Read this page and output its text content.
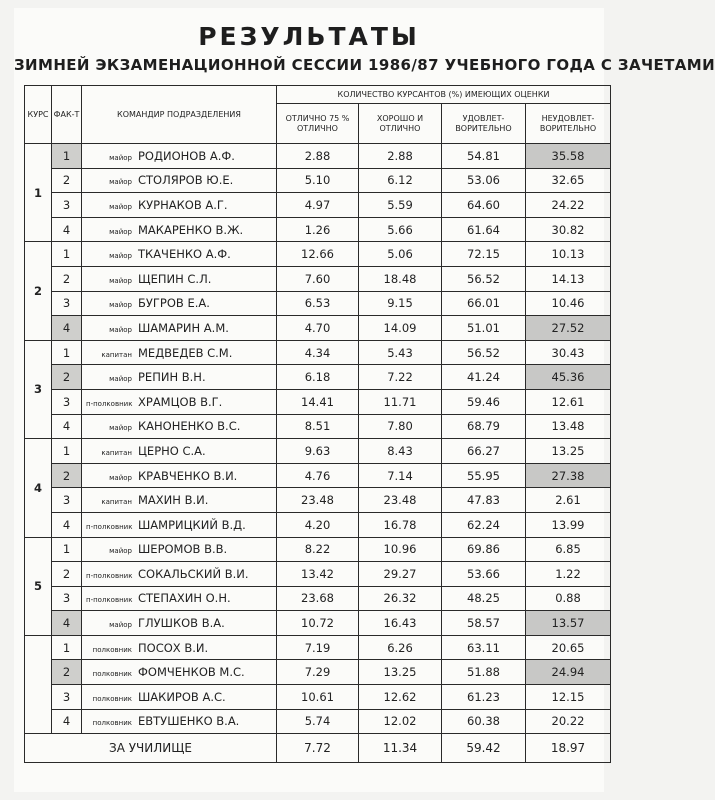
РЕЗУЛЬТАТЫ
ЗИМНЕЙ ЭКЗАМЕНАЦИОННОЙ СЕССИИ 1986/87 УЧЕБНОГО ГОДА С ЗАЧЕТАМИ
КУРС	ФАК-Т	КОМАНДИР ПОДРАЗДЕЛЕНИЯ	КОЛИЧЕСТВО КУРСАНТОВ (%) ИМЕЮЩИХ ОЦЕНКИ			
			ОТЛИЧНО 75 % ОТЛИЧНО	ХОРОШО И ОТЛИЧНО	УДОВЛЕТ- ВОРИТЕЛЬНО	НЕУДОВЛЕТ- ВОРИТЕЛЬНО
1	1	майор РОДИОНОВ А.Ф.	2.88	2.88	54.81	35.58
	2	майор СТОЛЯРОВ Ю.Е.	5.10	6.12	53.06	32.65
	3	майор КУРНАКОВ А.Г.	4.97	5.59	64.60	24.22
	4	майор МАКАРЕНКО В.Ж.	1.26	5.66	61.64	30.82
2	1	майор ТКАЧЕНКО А.Ф.	12.66	5.06	72.15	10.13
	2	майор ЩЕПИН С.Л.	7.60	18.48	56.52	14.13
	3	майор БУГРОВ Е.А.	6.53	9.15	66.01	10.46
	4	майор ШАМАРИН А.М.	4.70	14.09	51.01	27.52
3	1	капитан МЕДВЕДЕВ С.М.	4.34	5.43	56.52	30.43
	2	майор РЕПИН В.Н.	6.18	7.22	41.24	45.36
	3	п-полковник ХРАМЦОВ В.Г.	14.41	11.71	59.46	12.61
	4	майор КАНОНЕНКО В.С.	8.51	7.80	68.79	13.48
4	1	капитан ЦЕРНО С.А.	9.63	8.43	66.27	13.25
	2	майор КРАВЧЕНКО В.И.	4.76	7.14	55.95	27.38
	3	капитан МАХИН В.И.	23.48	23.48	47.83	2.61
	4	п-полковник ШАМРИЦКИЙ В.Д.	4.20	16.78	62.24	13.99
5	1	майор ШЕРОМОВ В.В.	8.22	10.96	69.86	6.85
	2	п-полковник СОКАЛЬСКИЙ В.И.	13.42	29.27	53.66	1.22
	3	п-полковник СТЕПАХИН О.Н.	23.68	26.32	48.25	0.88
	4	майор ГЛУШКОВ В.А.	10.72	16.43	58.57	13.57
	1	полковник ПОСОХ В.И.	7.19	6.26	63.11	20.65
	2	полковник ФОМЧЕНКОВ М.С.	7.29	13.25	51.88	24.94
	3	полковник ШАКИРОВ А.С.	10.61	12.62	61.23	12.15
	4	полковник ЕВТУШЕНКО В.А.	5.74	12.02	60.38	20.22
ЗА УЧИЛИЩЕ			7.72	11.34	59.42	18.97
